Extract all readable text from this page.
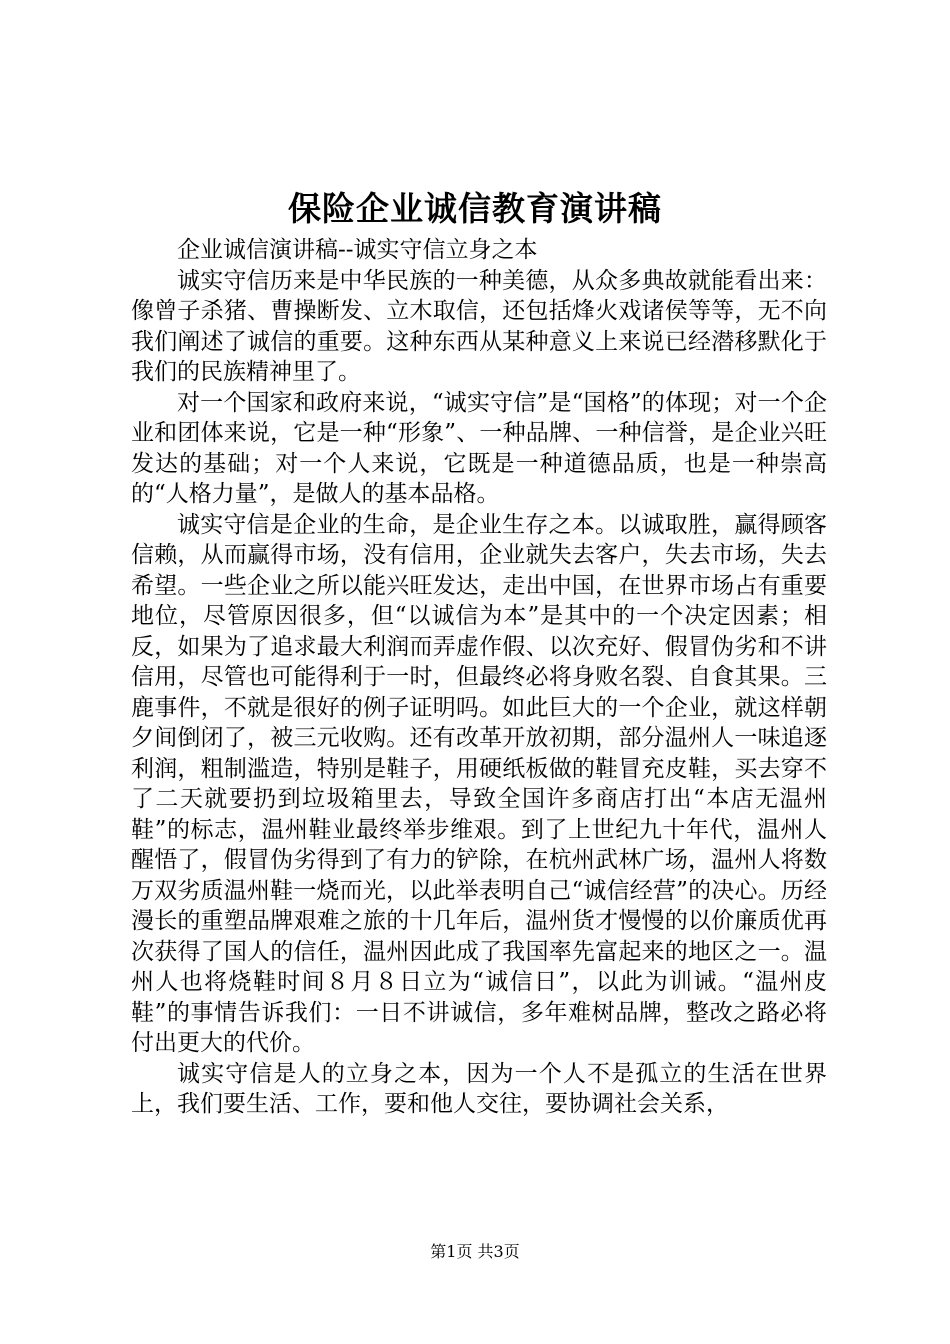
保险企业诚信教育演讲稿

企业诚信演讲稿--诚实守信立身之本

诚实守信历来是中华民族的一种美德，从众多典故就能看出来：像曾子杀猪、曹操断发、立木取信，还包括烽火戏诸侯等等，无不向我们阐述了诚信的重要。这种东西从某种意义上来说已经潜移默化于我们的民族精神里了。

对一个国家和政府来说，“诚实守信”是“国格”的体现；对一个企业和团体来说，它是一种“形象”、一种品牌、一种信誉，是企业兴旺发达的基础；对一个人来说，它既是一种道德品质，也是一种崇高的“人格力量”，是做人的基本品格。

诚实守信是企业的生命，是企业生存之本。以诚取胜，赢得顾客信赖，从而赢得市场，没有信用，企业就失去客户，失去市场，失去希望。一些企业之所以能兴旺发达，走出中国，在世界市场占有重要地位，尽管原因很多，但“以诚信为本”是其中的一个决定因素；相反，如果为了追求最大利润而弄虚作假、以次充好、假冒伪劣和不讲信用，尽管也可能得利于一时，但最终必将身败名裂、自食其果。三鹿事件，不就是很好的例子证明吗。如此巨大的一个企业，就这样朝夕间倒闭了，被三元收购。还有改革开放初期，部分温州人一味追逐利润，粗制滥造，特别是鞋子，用硬纸板做的鞋冒充皮鞋，买去穿不了二天就要扔到垃圾箱里去，导致全国许多商店打出“本店无温州鞋”的标志，温州鞋业最终举步维艰。到了上世纪九十年代，温州人醒悟了，假冒伪劣得到了有力的铲除，在杭州武林广场，温州人将数万双劣质温州鞋一烧而光，以此举表明自己“诚信经营”的决心。历经漫长的重塑品牌艰难之旅的十几年后，温州货才慢慢的以价廉质优再次获得了国人的信任，温州因此成了我国率先富起来的地区之一。温州人也将烧鞋时间８月８日立为“诚信日”，以此为训诫。“温州皮鞋”的事情告诉我们：一日不讲诚信，多年难树品牌，整改之路必将付出更大的代价。

诚实守信是人的立身之本，因为一个人不是孤立的生活在世界上，我们要生活、工作，要和他人交往，要协调社会关系，

第1页 共3页
